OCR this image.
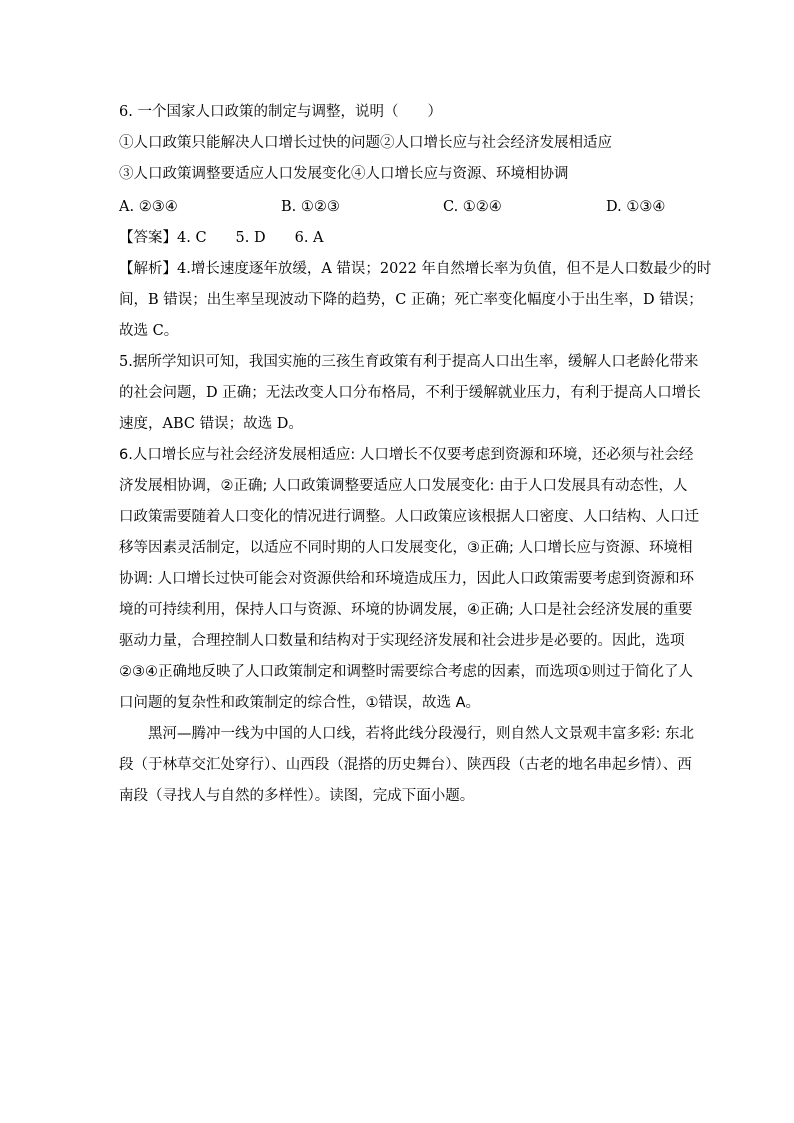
6. 一个国家人口政策的制定与调整，说明（　　）
①人口政策只能解决人口增长过快的问题②人口增长应与社会经济发展相适应
③人口政策调整要适应人口发展变化④人口增长应与资源、环境相协调
A. ②③④	B. ①②③	C. ①②④	D. ①③④
【答案】4. C　　5. D　　6. A
【解析】4.增长速度逐年放缓，A 错误；2022 年自然增长率为负值，但不是人口数最少的时
间，B 错误；出生率呈现波动下降的趋势，C 正确；死亡率变化幅度小于出生率，D 错误；
故选 C。
5.据所学知识可知，我国实施的三孩生育政策有利于提高人口出生率，缓解人口老龄化带来
的社会问题，D 正确；无法改变人口分布格局，不利于缓解就业压力，有利于提高人口增长
速度，ABC 错误；故选 D。
6.人口增长应与社会经济发展相适应: 人口增长不仅要考虑到资源和环境，还必须与社会经
济发展相协调，②正确; 人口政策调整要适应人口发展变化: 由于人口发展具有动态性，人
口政策需要随着人口变化的情况进行调整。人口政策应该根据人口密度、人口结构、人口迁
移等因素灵活制定，以适应不同时期的人口发展变化，③正确; 人口增长应与资源、环境相
协调: 人口增长过快可能会对资源供给和环境造成压力，因此人口政策需要考虑到资源和环
境的可持续利用，保持人口与资源、环境的协调发展，④正确; 人口是社会经济发展的重要
驱动力量，合理控制人口数量和结构对于实现经济发展和社会进步是必要的。因此，选项
②③④正确地反映了人口政策制定和调整时需要综合考虑的因素，而选项①则过于简化了人
口问题的复杂性和政策制定的综合性，①错误，故选 A。
黑河—腾冲一线为中国的人口线，若将此线分段漫行，则自然人文景观丰富多彩: 东北
段（于林草交汇处穿行）、山西段（混搭的历史舞台）、陕西段（古老的地名串起乡情）、西
南段（寻找人与自然的多样性）。读图，完成下面小题。
